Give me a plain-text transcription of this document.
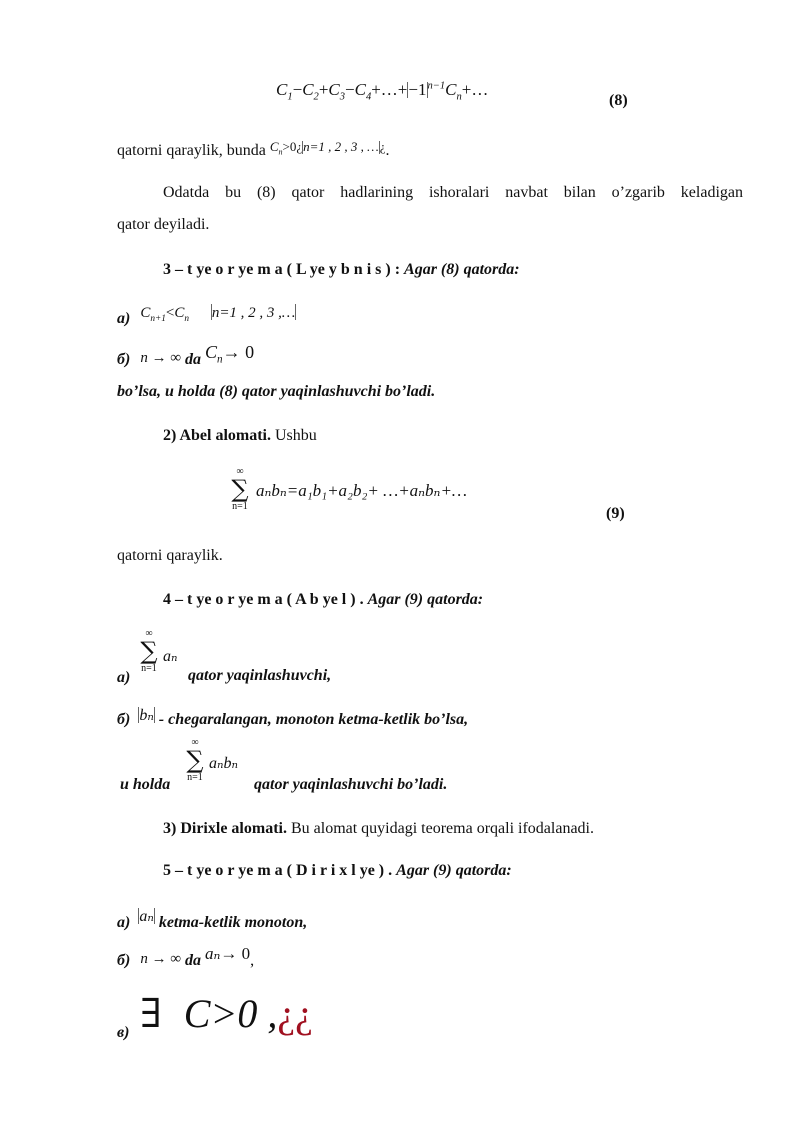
$C_1-C_2+C_3-C_4+\dots+-1^{n-1}C_n+\dots$
(8)
qatorni qaraylik, bunda $^{C_n>0¿n=1 , 2 , 3 , \dots¿}$.
Odatda bu (8) qator hadlarining ishoralari navbat bilan o’zgarib keladigan
qator deyiladi.
3 – t ye o r ye m a ( L ye y b n i s ) : Agar (8) qatorda:
a) $C_{n+1}<C_n$ n=1 , 2 , 3 ,…
б) n → ∞ da $C_n\to 0$
bo’lsa, u holda (8) qator yaqinlashuvchi bo’ladi.
2) Abel alomati. Ushbu
∞
∑
n=1
aₙbₙ=a₁b₁+a₂b₂+ …+aₙbₙ+…
(9)
qatorni qaraylik.
4 – t ye o r ye m a ( A b ye l ) . Agar (9) qatorda:
∞
∑
n=1
aₙ
a)	qator yaqinlashuvchi,
б) bₙ - chegaralangan, monoton ketma-ketlik bo’lsa,
∞
∑
n=1
aₙbₙ
u holda	qator yaqinlashuvchi bo’ladi.
3) Dirixle alomati. Bu alomat quyidagi teorema orqali ifodalanadi.
5 – t ye o r ye m a ( D i r i x l ye ) . Agar (9) qatorda:
a) aₙ ketma-ketlik monoton,
б) n → ∞ da aₙ→ 0,
в) ∃ C>0 ,¿¿
